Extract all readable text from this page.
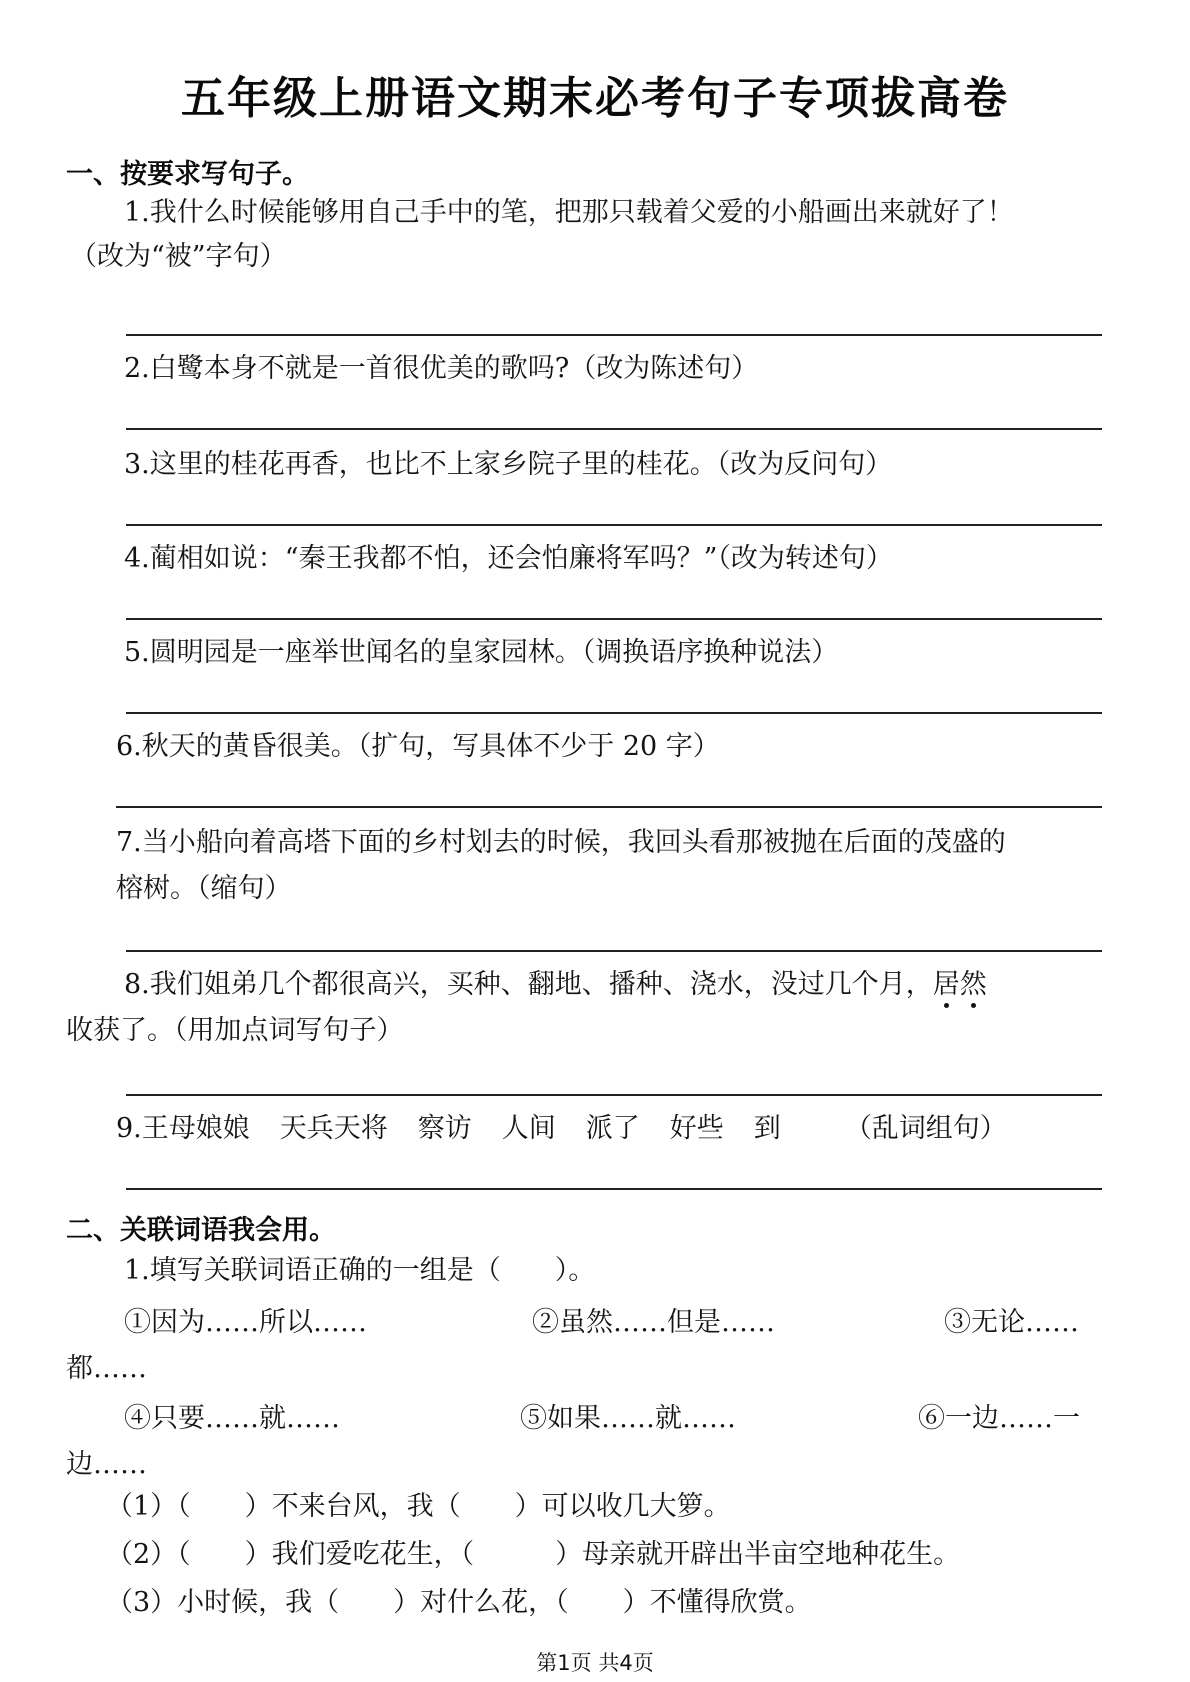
五年级上册语文期末必考句子专项拔高卷
一、按要求写句子。
1.我什么时候能够用自己手中的笔，把那只载着父爱的小船画出来就好了！
（改为“被”字句）
2.白鹭本身不就是一首很优美的歌吗?（改为陈述句）
3.这里的桂花再香，也比不上家乡院子里的桂花。（改为反问句）
4.蔺相如说：“秦王我都不怕，还会怕廉将军吗？”（改为转述句）
5.圆明园是一座举世闻名的皇家园林。（调换语序换种说法）
6.秋天的黄昏很美。（扩句，写具体不少于 20 字）
7.当小船向着高塔下面的乡村划去的时候，我回头看那被抛在后面的茂盛的
榕树。（缩句）
8.我们姐弟几个都很高兴，买种、翻地、播种、浇水，没过几个月，居然
收获了。（用加点词写句子）
9.王母娘娘 天兵天将 察访 人间 派了 好些 到 （乱词组句）
二、关联词语我会用。
1.填写关联词语正确的一组是（　　）。
①因为……所以……	②虽然……但是……	③无论……
都……
④只要……就……	⑤如果……就……	⑥一边……一
边……
（1）（　　）不来台风，我（　　）可以收几大箩。
（2）（　　）我们爱吃花生，（　　　）母亲就开辟出半亩空地种花生。
（3）小时候，我（　　）对什么花，（　　）不懂得欣赏。
第1页 共4页
